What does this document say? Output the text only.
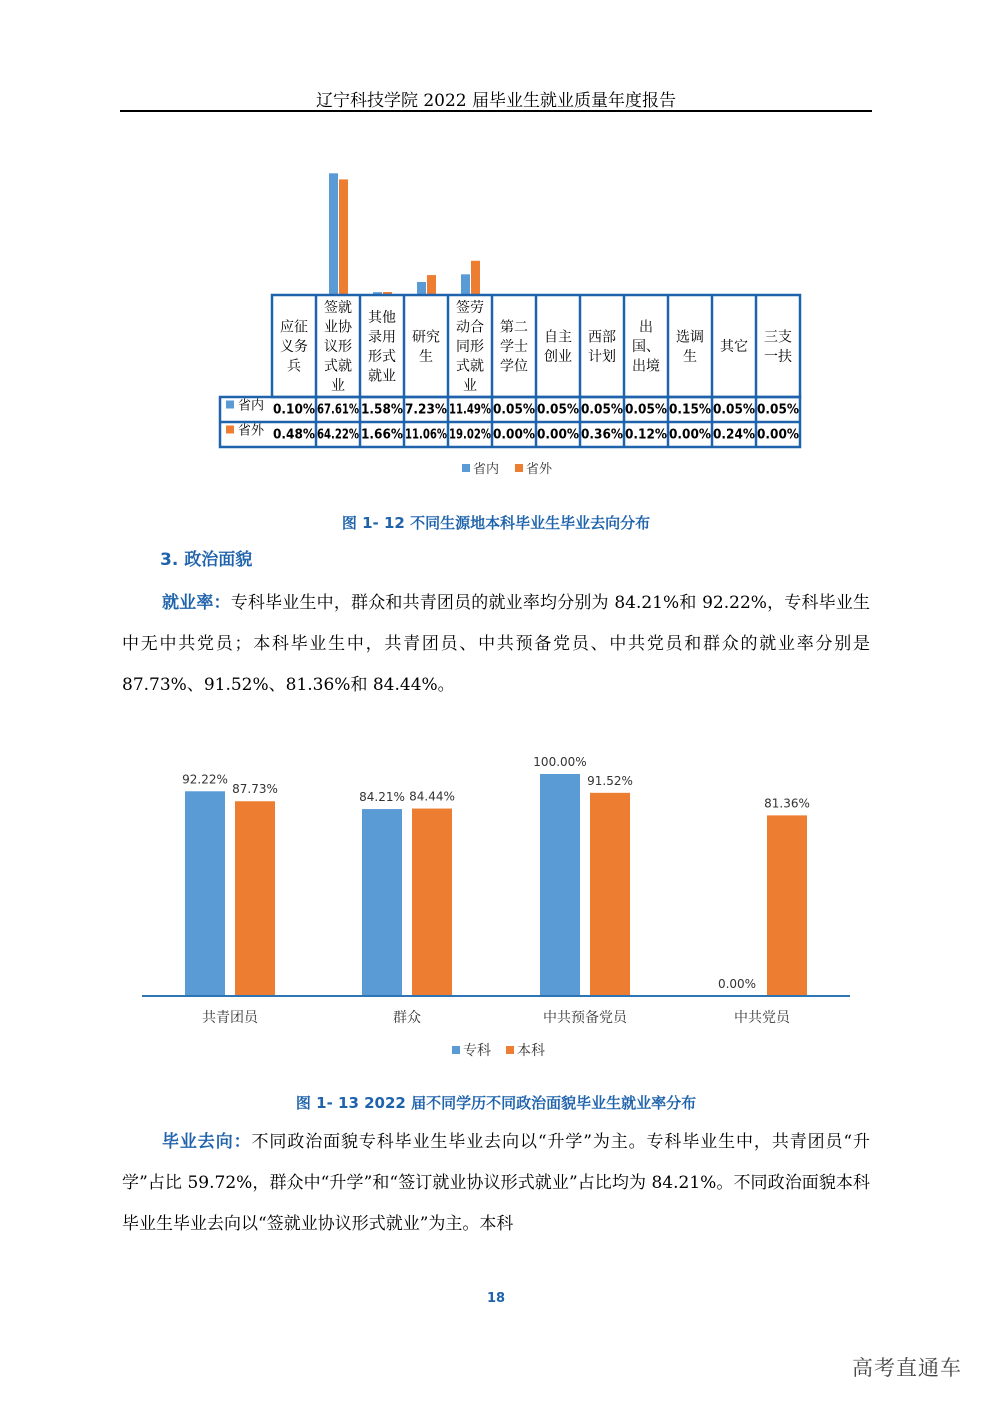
辽宁科技学院 2022 届毕业生就业质量年度报告
应征义务兵
签就业协议形式就业
其他录用形式就业
研究生
签劳动合同形式就业
第二学士学位
自主创业
西部计划
出国、出境
选调生
其它
三支一扶
省内 0.10% 67.61% 1.58% 7.23% 11.49% 0.05% 0.05% 0.05% 0.05% 0.15% 0.05% 0.05%
省外 0.48% 64.22% 1.66% 11.06% 19.02% 0.00% 0.00% 0.36% 0.12% 0.00% 0.24% 0.00%
省内 省外
图 1- 12 不同生源地本科毕业生毕业去向分布
3. 政治面貌
就业率：专科毕业生中，群众和共青团员的就业率均分别为 84.21%和 92.22%，专科毕业生中无中共党员；本科毕业生中，共青团员、中共预备党员、中共党员和群众的就业率分别是 87.73%、91.52%、81.36%和 84.44%。
92.22%
87.73%
共青团员
84.21% 84.44%
群众
100.00%
91.52%
中共预备党员
0.00%
81.36%
中共党员
专科 本科
图 1- 13 2022 届不同学历不同政治面貌毕业生就业率分布
毕业去向：不同政治面貌专科毕业生毕业去向以“升学”为主。专科毕业生中，共青团员“升学”占比 59.72%，群众中“升学”和“签订就业协议形式就业”占比均为 84.21%。不同政治面貌本科毕业生毕业去向以“签就业协议形式就业”为主。本科
18
高考直通车
